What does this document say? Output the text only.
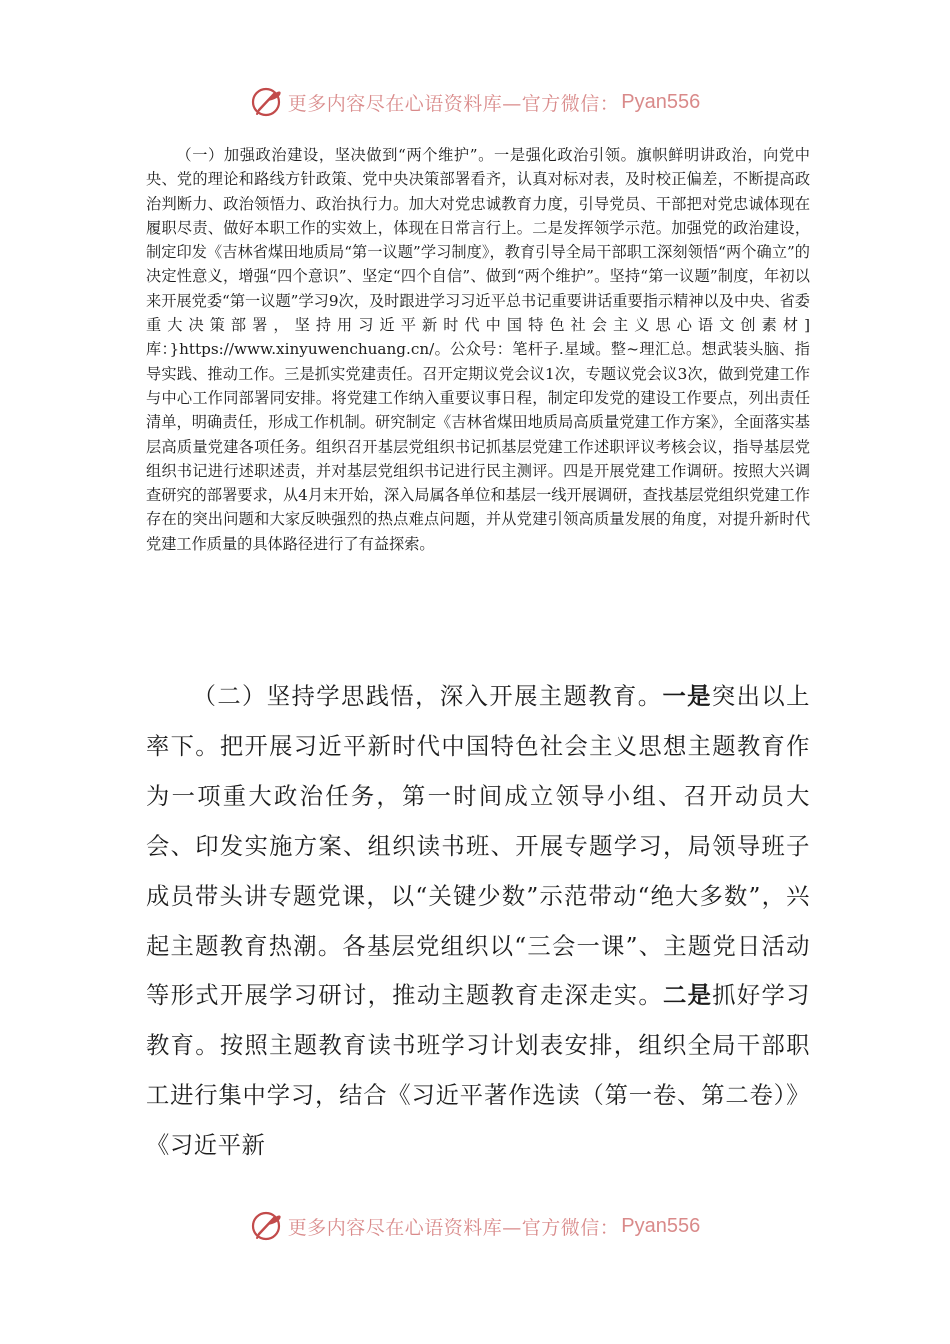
更多内容尽在心语资料库—官方微信： Pyan556

（一）加强政治建设，坚决做到“两个维护”。一是强化政治引领。旗帜鲜明讲政治，向党中央、党的理论和路线方针政策、党中央决策部署看齐，认真对标对表，及时校正偏差，不断提高政治判断力、政治领悟力、政治执行力。加大对党忠诚教育力度，引导党员、干部把对党忠诚体现在履职尽责、做好本职工作的实效上，体现在日常言行上。二是发挥领学示范。加强党的政治建设，制定印发《吉林省煤田地质局“第一议题”学习制度》，教育引导全局干部职工深刻领悟“两个确立”的决定性意义，增强“四个意识”、坚定“四个自信”、做到“两个维护”。坚持“第一议题”制度，年初以来开展党委“第一议题”学习9次，及时跟进学习习近平总书记重要讲话重要指示精神以及中央、省委重大决策部署，坚持用习近平新时代中国特色社会主义思心语文创素材]库：}https://www.xinyuwenchuang.cn/。公众号：笔杆子.星域。整~理汇总。想武装头脑、指导实践、推动工作。三是抓实党建责任。召开定期议党会议1次，专题议党会议3次，做到党建工作与中心工作同部署同安排。将党建工作纳入重要议事日程，制定印发党的建设工作要点，列出责任清单，明确责任，形成工作机制。研究制定《吉林省煤田地质局高质量党建工作方案》，全面落实基层高质量党建各项任务。组织召开基层党组织书记抓基层党建工作述职评议考核会议，指导基层党组织书记进行述职述责，并对基层党组织书记进行民主测评。四是开展党建工作调研。按照大兴调查研究的部署要求，从4月末开始，深入局属各单位和基层一线开展调研，查找基层党组织党建工作存在的突出问题和大家反映强烈的热点难点问题，并从党建引领高质量发展的角度，对提升新时代党建工作质量的具体路径进行了有益探索。

（二）坚持学思践悟，深入开展主题教育。一是突出以上率下。把开展习近平新时代中国特色社会主义思想主题教育作为一项重大政治任务，第一时间成立领导小组、召开动员大会、印发实施方案、组织读书班、开展专题学习，局领导班子成员带头讲专题党课，以“关键少数”示范带动“绝大多数”，兴起主题教育热潮。各基层党组织以“三会一课”、主题党日活动等形式开展学习研讨，推动主题教育走深走实。二是抓好学习教育。按照主题教育读书班学习计划表安排，组织全局干部职工进行集中学习，结合《习近平著作选读（第一卷、第二卷）》《习近平新

更多内容尽在心语资料库—官方微信： Pyan556
